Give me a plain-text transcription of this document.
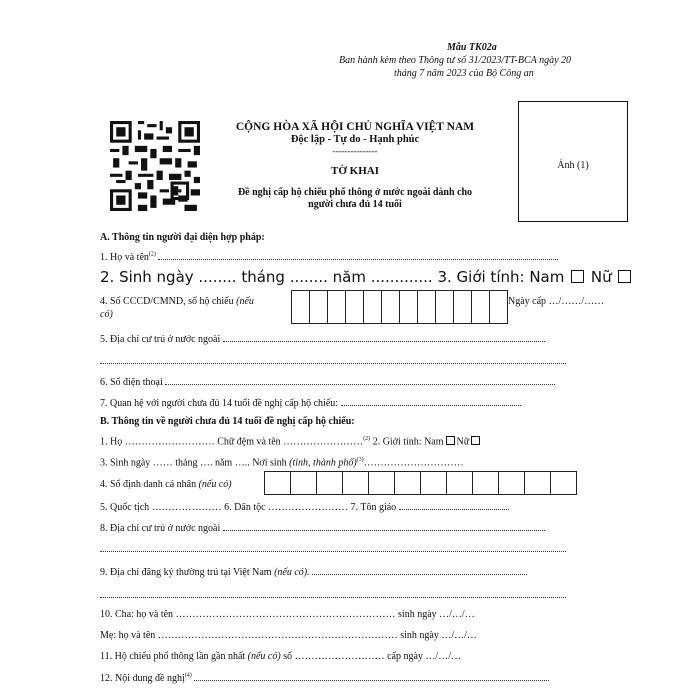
Mẫu TK02a
Ban hành kèm theo Thông tư số 31/2023/TT-BCA ngày 20
tháng 7 năm 2023 của Bộ Công an
CỘNG HÒA XÃ HỘI CHỦ NGHĨA VIỆT NAM
Độc lập - Tự do - Hạnh phúc
---------------
TỜ KHAI
Đề nghị cấp hộ chiếu phổ thông ở nước ngoài dành cho
người chưa đủ 14 tuổi
Ảnh (1)
A. Thông tin người đại diện hợp pháp:
1. Họ và tên$^{(2)}$
2. Sinh ngày ........ tháng ........ năm ............. 3. Giới tính: Nam Nữ
4. Số CCCD/CMND, số hộ chiếu (nếu
có)
Ngày cấp …/……/……
5. Địa chỉ cư trú ở nước ngoài
6. Số điện thoại
7. Quan hệ với người chưa đủ 14 tuổi đề nghị cấp hộ chiếu:
B. Thông tin về người chưa đủ 14 tuổi đề nghị cấp hộ chiếu:
1. Họ ……………………… Chữ đệm và tên ……………………$^{(2)}$ 2. Giới tính: Nam Nữ
3. Sinh ngày …… tháng …. năm ….. Nơi sinh (tỉnh, thành phố)$^{(3)}$…………………………
4. Số định danh cá nhân (nếu có)
5. Quốc tịch ………………… 6. Dân tộc …………………… 7. Tôn giáo
8. Địa chỉ cư trú ở nước ngoài
9. Địa chỉ đăng ký thường trú tại Việt Nam (nếu có).
10. Cha: họ và tên ………………………………………………………… sinh ngày …/…/…
Mẹ: họ và tên ……………………………………………………………… sinh ngày …/…/…
11. Hộ chiếu phổ thông lần gần nhất (nếu có) số ……………………… cấp ngày …/…/…
12. Nội dung đề nghị$^{(4)}$
